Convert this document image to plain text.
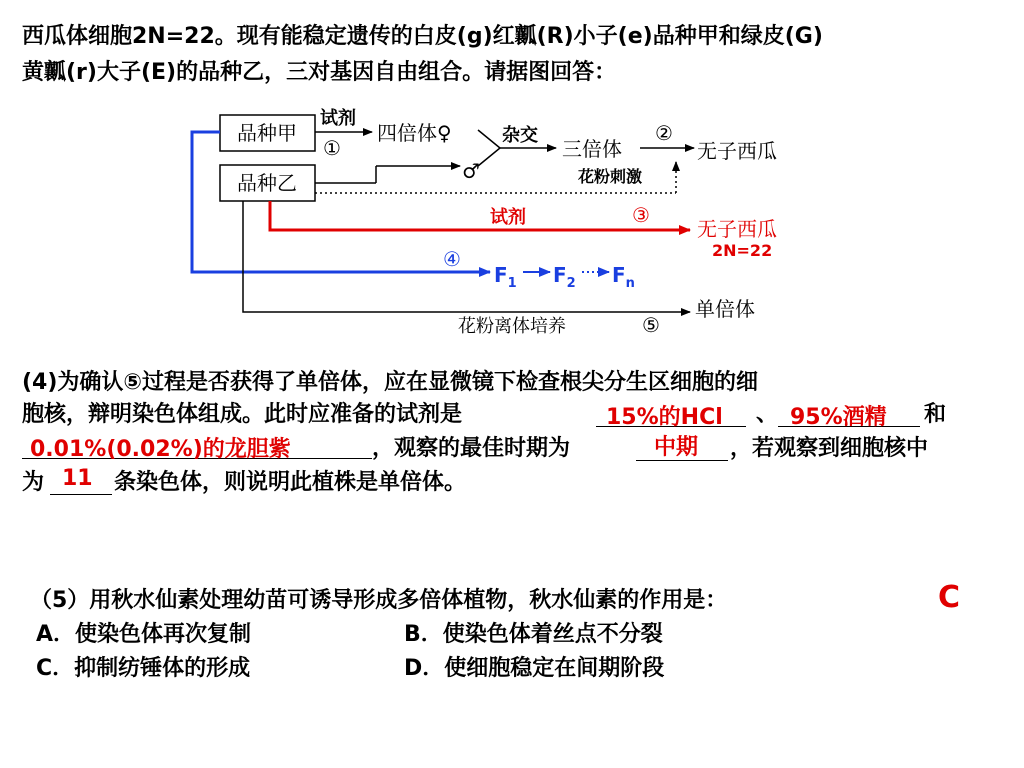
西瓜体细胞2N=22。现有能稳定遗传的白皮(g)红瓤(R)小子(e)品种甲和绿皮(G)
黄瓤(r)大子(E)的品种乙，三对基因自由组合。请据图回答：
品种甲
品种乙
试剂
①
四倍体♀	杂交
♂
三倍体
②
无子西瓜
花粉刺激
试剂	③
无子西瓜
2N=22
④
$F_1$ $F_2$ $F_n$
单倍体
花粉离体培养	⑤
(4)为确认⑤过程是否获得了单倍体，应在显微镜下检查根尖分生区细胞的细
胞核，辩明染色体组成。此时应准备的试剂是	15%的HCl 、 95%酒精 和
0.01%(0.02%)的龙胆紫	，观察的最佳时期为	中期 ，若观察到细胞核中
为 11 条染色体，则说明此植株是单倍体。
（5）用秋水仙素处理幼苗可诱导形成多倍体植物，秋水仙素的作用是：	C
A．使染色体再次复制	B．使染色体着丝点不分裂
C．抑制纺锤体的形成	D．使细胞稳定在间期阶段
